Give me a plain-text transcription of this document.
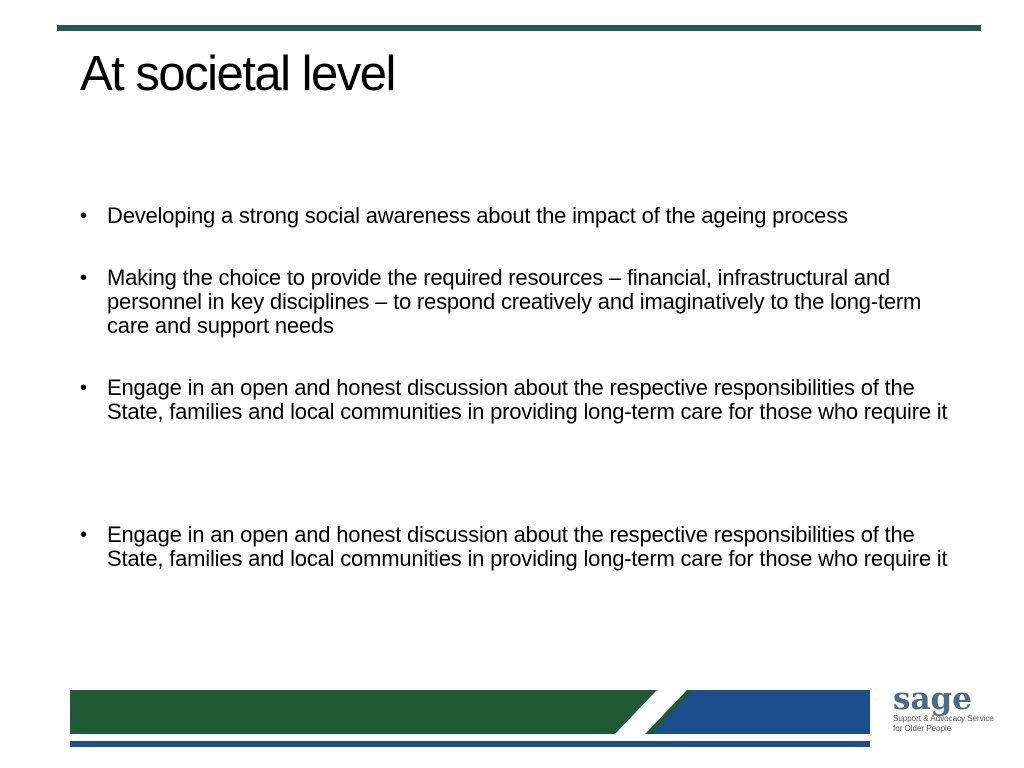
At societal level
• Developing a strong social awareness about the impact of the ageing process
• Making the choice to provide the required resources – financial, infrastructural and personnel in key disciplines – to respond creatively and imaginatively to the long-term care and support needs
• Engage in an open and honest discussion about the respective responsibilities of the State, families and local communities in providing long-term care for those who require it
• Engage in an open and honest discussion about the respective responsibilities of the State, families and local communities in providing long-term care for those who require it
sage
Support & Advocacy Service
for Older People
